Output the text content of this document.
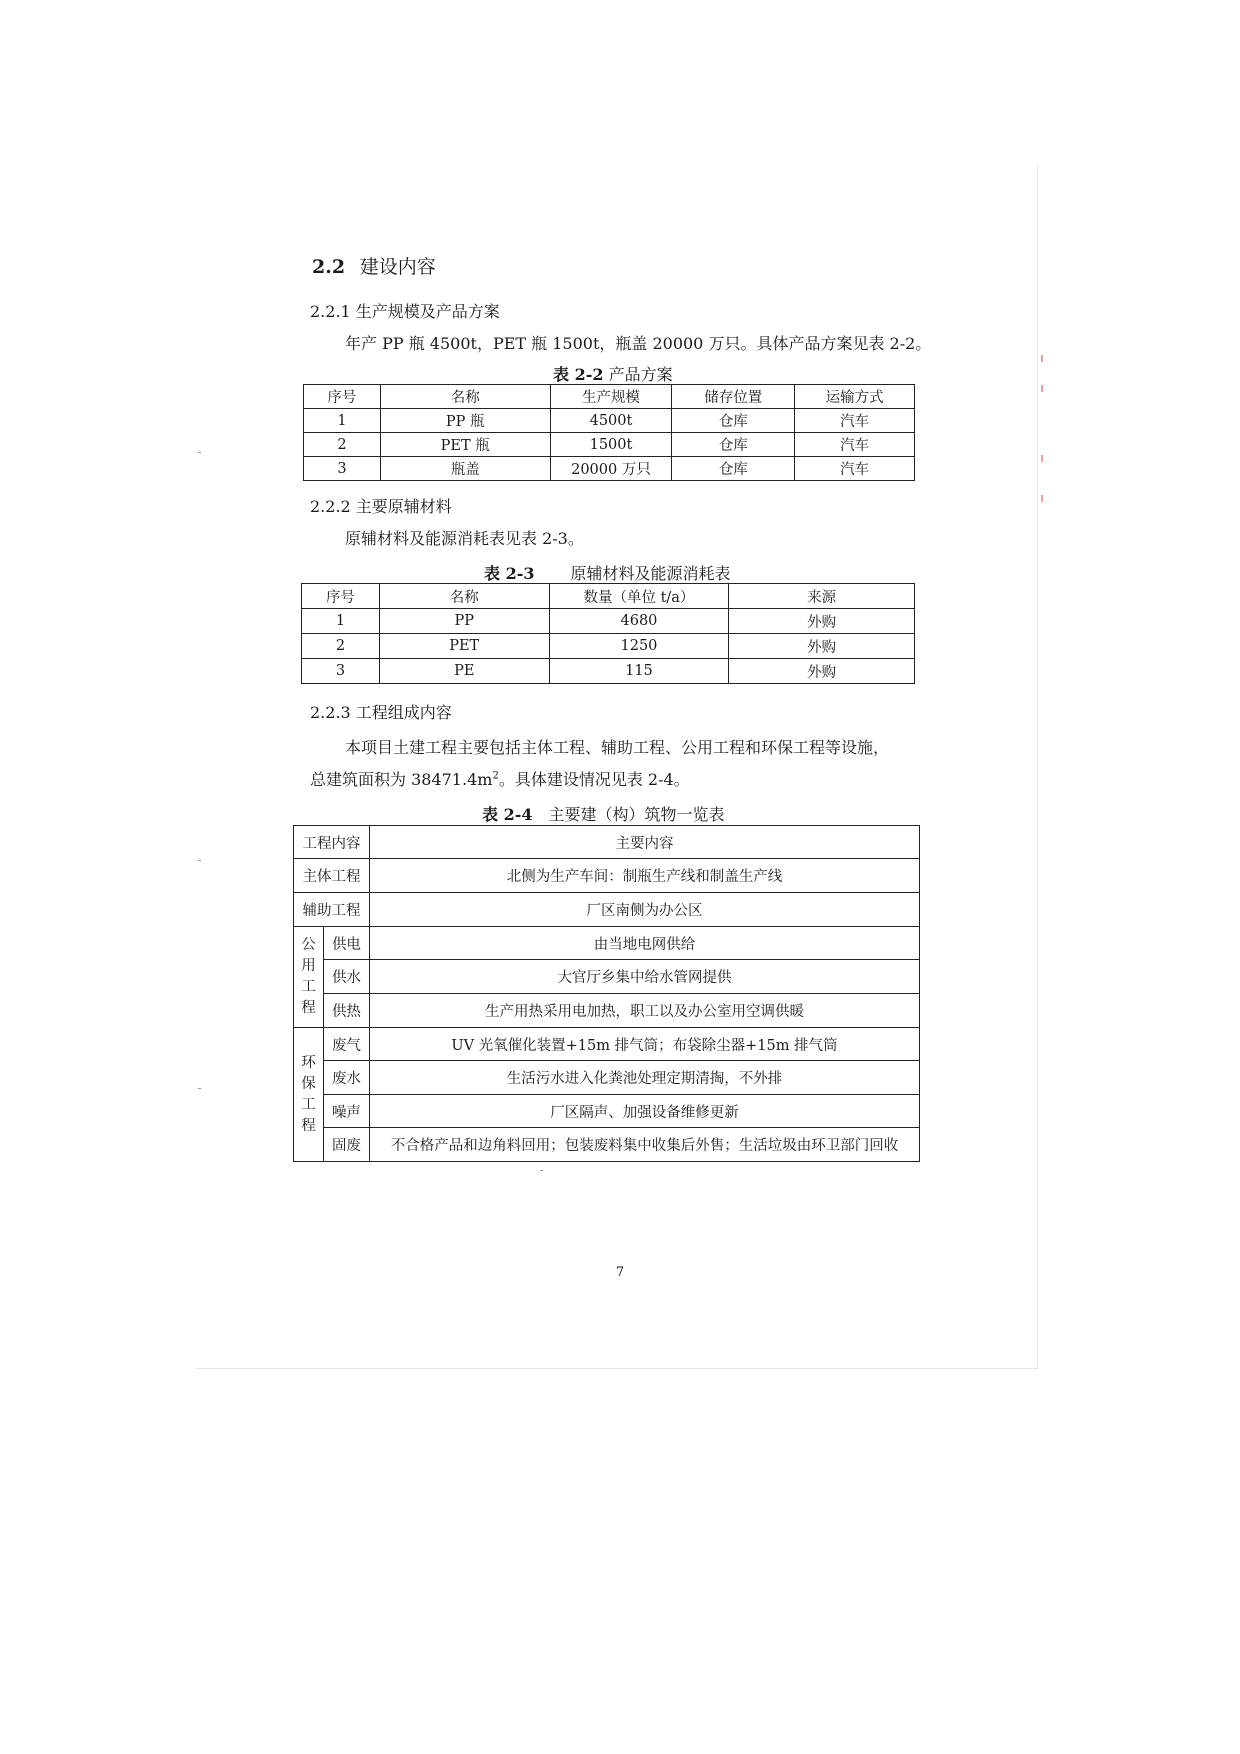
2.2 建设内容
2.2.1 生产规模及产品方案
年产 PP 瓶 4500t，PET 瓶 1500t，瓶盖 20000 万只。具体产品方案见表 2-2。
表 2-2 产品方案
序号	名称	生产规模	储存位置	运输方式
1	PP 瓶	4500t	仓库	汽车
2	PET 瓶	1500t	仓库	汽车
3	瓶盖	20000 万只	仓库	汽车
2.2.2 主要原辅材料
原辅材料及能源消耗表见表 2-3。
表 2-3 原辅材料及能源消耗表
序号	名称	数量（单位 t/a）	来源
1	PP	4680	外购
2	PET	1250	外购
3	PE	115	外购
2.2.3 工程组成内容
本项目土建工程主要包括主体工程、辅助工程、公用工程和环保工程等设施，
总建筑面积为 $38471.4m^2$。具体建设情况见表 2-4。
表 2-4 主要建（构）筑物一览表
工程内容		主要内容
主体工程		北侧为生产车间：制瓶生产线和制盖生产线
辅助工程		厂区南侧为办公区

公
用
工
程	供电	由当地电网供给
	供水	大官厅乡集中给水管网提供
	供热	生产用热采用电加热，职工以及办公室用空调供暖

环
保
工
程	废气	UV 光氧催化装置+15m 排气筒；布袋除尘器+15m 排气筒
	废水	生活污水进入化粪池处理定期清掏，不外排
	噪声	厂区隔声、加强设备维修更新
	固废	不合格产品和边角料回用；包装废料集中收集后外售；生活垃圾由环卫部门回收
7
